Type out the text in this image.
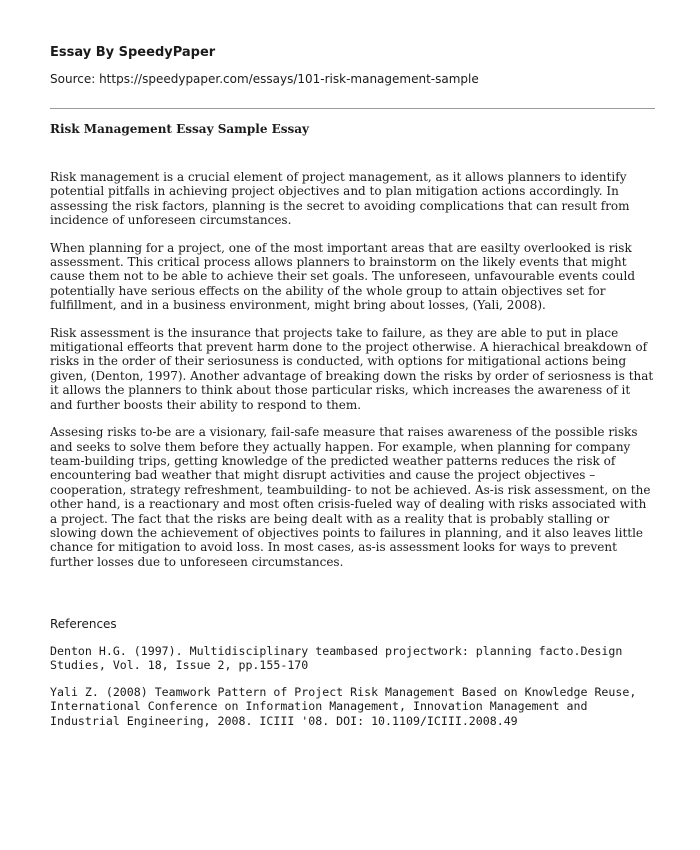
Essay By SpeedyPaper

Source: https://speedypaper.com/essays/101-risk-management-sample

Risk Management Essay Sample Essay

Risk management is a crucial element of project management, as it allows planners to identify potential pitfalls in achieving project objectives and to plan mitigation actions accordingly. In assessing the risk factors, planning is the secret to avoiding complications that can result from incidence of unforeseen circumstances.

When planning for a project, one of the most important areas that are easilty overlooked is risk assessment. This critical process allows planners to brainstorm on the likely events that might cause them not to be able to achieve their set goals. The unforeseen, unfavourable events could potentially have serious effects on the ability of the whole group to attain objectives set for fulfillment, and in a business environment, might bring about losses, (Yali, 2008).

Risk assessment is the insurance that projects take to failure, as they are able to put in place mitigational effeorts that prevent harm done to the project otherwise. A hierachical breakdown of risks in the order of their seriosuness is conducted, with options for mitigational actions being given, (Denton, 1997). Another advantage of breaking down the risks by order of seriosness is that it allows the planners to think about those particular risks, which increases the awareness of it and further boosts their ability to respond to them.

Assesing risks to-be are a visionary, fail-safe measure that raises awareness of the possible risks and seeks to solve them before they actually happen. For example, when planning for company team-building trips, getting knowledge of the predicted weather patterns reduces the risk of encountering bad weather that might disrupt activities and cause the project objectives –cooperation, strategy refreshment, teambuilding- to not be achieved. As-is risk assessment, on the other hand, is a reactionary and most often crisis-fueled way of dealing with risks associated with a project. The fact that the risks are being dealt with as a reality that is probably stalling or slowing down the achievement of objectives points to failures in planning, and it also leaves little chance for mitigation to avoid loss. In most cases, as-is assessment looks for ways to prevent further losses due to unforeseen circumstances.

References

Denton H.G. (1997). Multidisciplinary teambased projectwork: planning facto.Design Studies, Vol. 18, Issue 2, pp.155-170

Yali Z. (2008) Teamwork Pattern of Project Risk Management Based on Knowledge Reuse, International Conference on Information Management, Innovation Management and Industrial Engineering, 2008. ICIII '08. DOI: 10.1109/ICIII.2008.49
